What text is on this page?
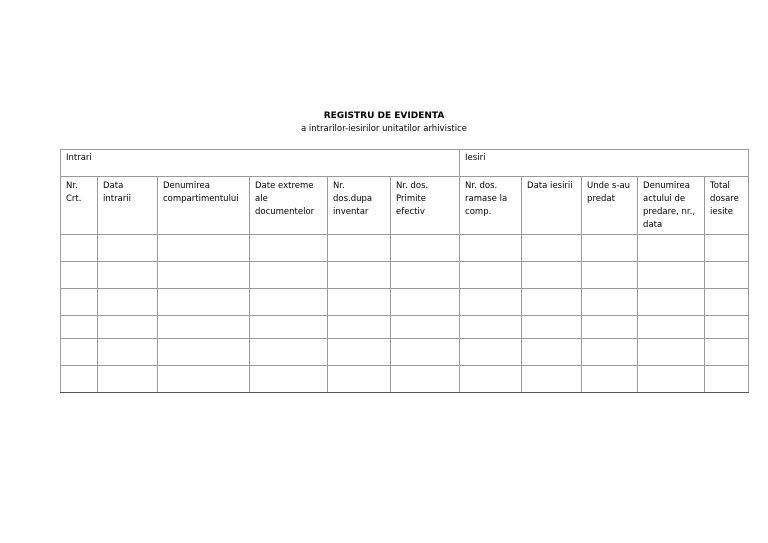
REGISTRU DE EVIDENTA
a intrarilor-iesirilor unitatilor arhivistice
Intrari						Iesiri				
Nr. Crt.	Data intrarii	Denumirea compartimentului	Date extreme ale documentelor	Nr. dos.dupa inventar	Nr. dos. Primite efectiv	Nr. dos. ramase la comp.	Data iesirii	Unde s-au predat	Denumirea actului de predare, nr., data	Total dosare iesite
